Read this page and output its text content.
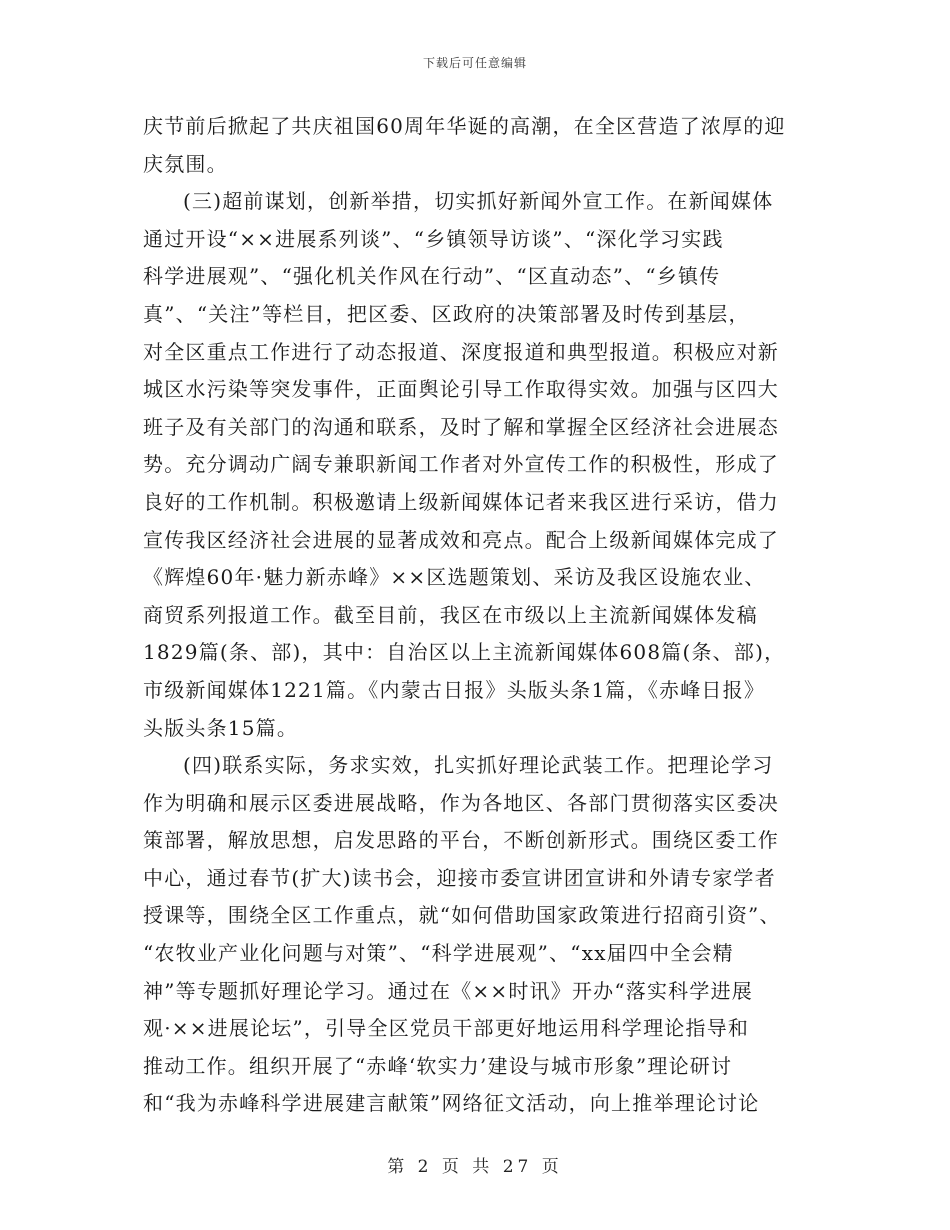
下载后可任意编辑
庆节前后掀起了共庆祖国60周年华诞的高潮，在全区营造了浓厚的迎
庆氛围。
(三)超前谋划，创新举措，切实抓好新闻外宣工作。在新闻媒体
通过开设“××进展系列谈”、“乡镇领导访谈”、“深化学习实践
科学进展观”、“强化机关作风在行动”、“区直动态”、“乡镇传
真”、“关注”等栏目，把区委、区政府的决策部署及时传到基层，
对全区重点工作进行了动态报道、深度报道和典型报道。积极应对新
城区水污染等突发事件，正面舆论引导工作取得实效。加强与区四大
班子及有关部门的沟通和联系，及时了解和掌握全区经济社会进展态
势。充分调动广阔专兼职新闻工作者对外宣传工作的积极性，形成了
良好的工作机制。积极邀请上级新闻媒体记者来我区进行采访，借力
宣传我区经济社会进展的显著成效和亮点。配合上级新闻媒体完成了
《辉煌60年·魅力新赤峰》××区选题策划、采访及我区设施农业、
商贸系列报道工作。截至目前，我区在市级以上主流新闻媒体发稿
1829篇(条、部)，其中：自治区以上主流新闻媒体608篇(条、部)，
市级新闻媒体1221篇。《内蒙古日报》头版头条1篇，《赤峰日报》
头版头条15篇。
(四)联系实际，务求实效，扎实抓好理论武装工作。把理论学习
作为明确和展示区委进展战略，作为各地区、各部门贯彻落实区委决
策部署，解放思想，启发思路的平台，不断创新形式。围绕区委工作
中心，通过春节(扩大)读书会，迎接市委宣讲团宣讲和外请专家学者
授课等，围绕全区工作重点，就“如何借助国家政策进行招商引资”、
“农牧业产业化问题与对策”、“科学进展观”、“xx届四中全会精
神”等专题抓好理论学习。通过在《××时讯》开办“落实科学进展
观·××进展论坛”，引导全区党员干部更好地运用科学理论指导和
推动工作。组织开展了“赤峰‘软实力’建设与城市形象”理论研讨
和“我为赤峰科学进展建言献策”网络征文活动，向上推举理论讨论
第 2 页 共 27 页
